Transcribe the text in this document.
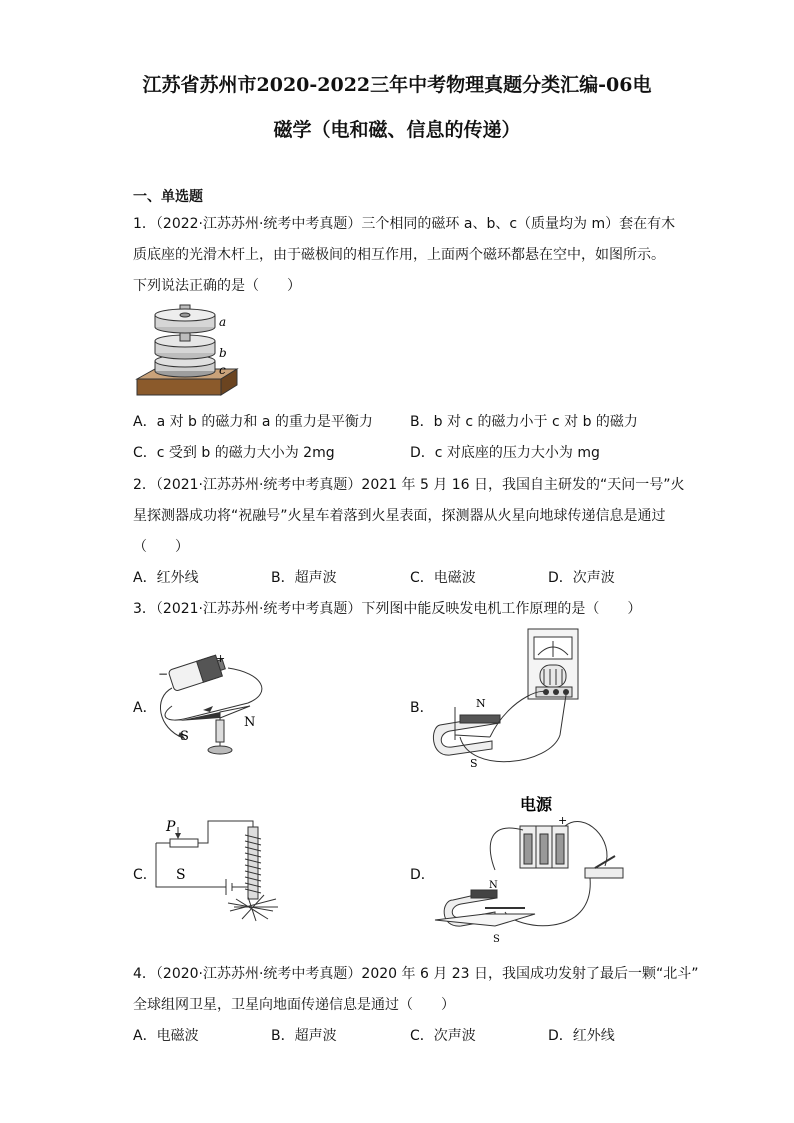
江苏省苏州市2020-2022三年中考物理真题分类汇编-06电
磁学（电和磁、信息的传递）
一、单选题
1．（2022·江苏苏州·统考中考真题）三个相同的磁环 a、b、c（质量均为 m）套在有木
质底座的光滑木杆上，由于磁极间的相互作用，上面两个磁环都悬在空中，如图所示。
下列说法正确的是（　　）
a
b
c
A．a 对 b 的磁力和 a 的重力是平衡力	B．b 对 c 的磁力小于 c 对 b 的磁力
C．c 受到 b 的磁力大小为 2mg	D．c 对底座的压力大小为 mg
2．（2021·江苏苏州·统考中考真题）2021 年 5 月 16 日，我国自主研发的“天问一号”火
星探测器成功将“祝融号”火星车着落到火星表面，探测器从火星向地球传递信息是通过
（　　）
A．红外线	B．超声波	C．电磁波	D．次声波
3．（2021·江苏苏州·统考中考真题）下列图中能反映发电机工作原理的是（　　）
A．
+
−
S
N
B．	N
S
C．
P
S	D．
电源
+
N
S
4．（2020·江苏苏州·统考中考真题）2020 年 6 月 23 日，我国成功发射了最后一颗“北斗”
全球组网卫星，卫星向地面传递信息是通过（　　）
A．电磁波	B．超声波	C．次声波	D．红外线
